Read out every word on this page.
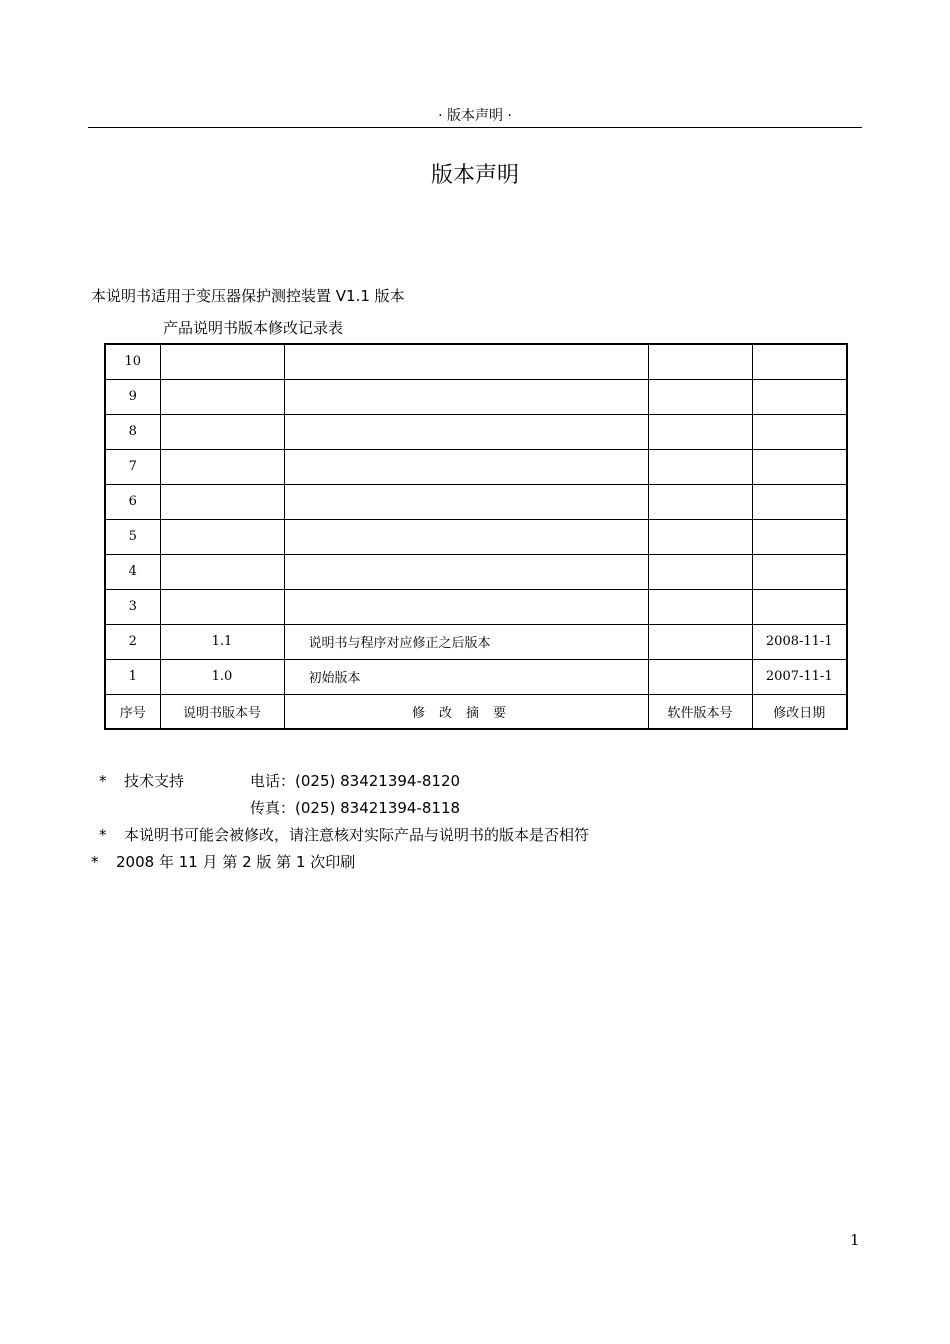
· 版本声明 ·
版本声明
本说明书适用于变压器保护测控装置 V1.1 版本
产品说明书版本修改记录表
10				
9				
8				
7				
6				
5				
4				
3				
2	1.1	说明书与程序对应修正之后版本		2008-11-1
1	1.0	初始版本		2007-11-1
序号	说明书版本号	修改摘要	软件版本号	修改日期
* 技术支持	电话：(025) 83421394-8120
传真：(025) 83421394-8118
* 本说明书可能会被修改，请注意核对实际产品与说明书的版本是否相符
* 2008 年 11 月 第 2 版 第 1 次印刷
1
